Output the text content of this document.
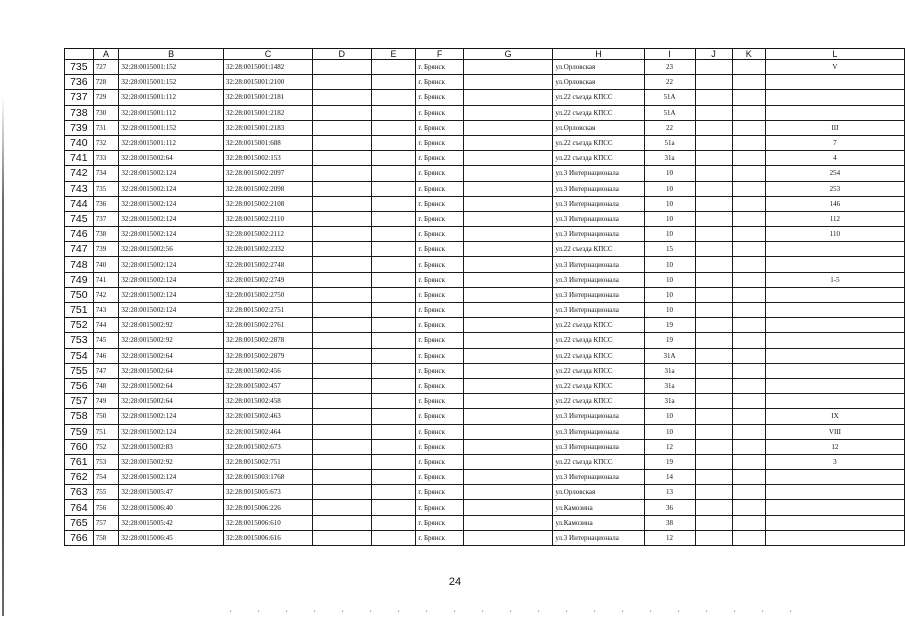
	A	B	C	D	E	F	G	H	I	J	K	L
735	727	32:28:0015001:152	32:28:0015001:1482			г. Брянск		ул.Орловская	23			V
736	728	32:28:0015001:152	32:28:0015001:2100			г. Брянск		ул.Орловская	22			
737	729	32:28:0015001:112	32:28:0015001:2181			г. Брянск		ул.22 съезда КПСС	51А			
738	730	32:28:0015001:112	32:28:0015001:2182			г. Брянск		ул.22 съезда КПСС	51А			
739	731	32:28:0015001:152	32:28:0015001:2183			г. Брянск		ул.Орловская	22			III
740	732	32:28:0015001:112	32:28:0015001:688			г. Брянск		ул.22 съезда КПСС	51а			7
741	733	32:28:0015002:64	32:28:0015002:153			г. Брянск		ул.22 съезда КПСС	31а			4
742	734	32:28:0015002:124	32:28:0015002:2097			г. Брянск		ул.3 Интернационала	10			254
743	735	32:28:0015002:124	32:28:0015002:2098			г. Брянск		ул.3 Интернационала	10			253
744	736	32:28:0015002:124	32:28:0015002:2108			г. Брянск		ул.3 Интернационала	10			146
745	737	32:28:0015002:124	32:28:0015002:2110			г. Брянск		ул.3 Интернационала	10			112
746	738	32:28:0015002:124	32:28:0015002:2112			г. Брянск		ул.3 Интернационала	10			110
747	739	32:28:0015002:56	32:28:0015002:2332			г. Брянск		ул.22 съезда КПСС	15			
748	740	32:28:0015002:124	32:28:0015002:2748			г. Брянск		ул.3 Интернационала	10			
749	741	32:28:0015002:124	32:28:0015002:2749			г. Брянск		ул.3 Интернационала	10			1-5
750	742	32:28:0015002:124	32:28:0015002:2750			г. Брянск		ул.3 Интернационала	10			
751	743	32:28:0015002:124	32:28:0015002:2751			г. Брянск		ул.3 Интернационала	10			
752	744	32:28:0015002:92	32:28:0015002:2761			г. Брянск		ул.22 съезда КПСС	19			
753	745	32:28:0015002:92	32:28:0015002:2878			г. Брянск		ул.22 съезда КПСС	19			
754	746	32:28:0015002:64	32:28:0015002:2879			г. Брянск		ул.22 съезда КПСС	31А			
755	747	32:28:0015002:64	32:28:0015002:456			г. Брянск		ул.22 съезда КПСС	31а			
756	748	32:28:0015002:64	32:28:0015002:457			г. Брянск		ул.22 съезда КПСС	31а			
757	749	32:28:0015002:64	32:28:0015002:458			г. Брянск		ул.22 съезда КПСС	31а			
758	750	32:28:0015002:124	32:28:0015002:463			г. Брянск		ул.3 Интернационала	10			IX
759	751	32:28:0015002:124	32:28:0015002:464			г. Брянск		ул.3 Интернационала	10			VIII
760	752	32:28:0015002:83	32:28:0015002:673			г. Брянск		ул.3 Интернационала	12			12
761	753	32:28:0015002:92	32:28:0015002:751			г. Брянск		ул.22 съезда КПСС	19			3
762	754	32:28:0015002:124	32:28:0015003:1768			г. Брянск		ул.3 Интернационала	14			
763	755	32:28:0015005:47	32:28:0015005:673			г. Брянск		ул.Орловская	13			
764	756	32:28:0015006:40	32:28:0015006:226			г. Брянск		ул.Камозина	36			
765	757	32:28:0015005:42	32:28:0015006:610			г. Брянск		ул.Камозина	38			
766	758	32:28:0015006:45	32:28:0015006:616			г. Брянск		ул.3 Интернационала	12			
24
